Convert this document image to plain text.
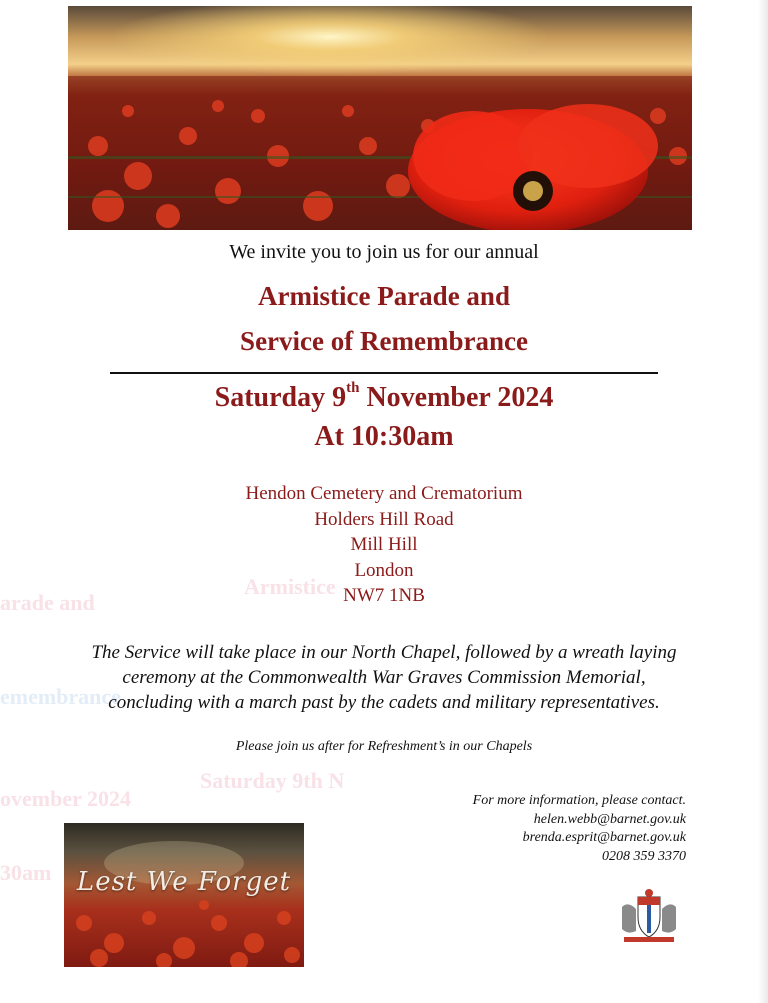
arade and
Armistice
emembrance
ovember 2024
Saturday 9th N
30am
We invite you to join us for our annual
Armistice Parade and
Service of Remembrance
Saturday 9th November 2024
At 10:30am
Hendon Cemetery and Crematorium
Holders Hill Road
Mill Hill
London
NW7 1NB
The Service will take place in our North Chapel, followed by a wreath laying
ceremony at the Commonwealth War Graves Commission Memorial,
concluding with a march past by the cadets and military representatives.
Please join us after for Refreshment’s in our Chapels
For more information, please contact.
helen.webb@barnet.gov.uk
brenda.esprit@barnet.gov.uk
0208 359 3370
Lest We Forget
